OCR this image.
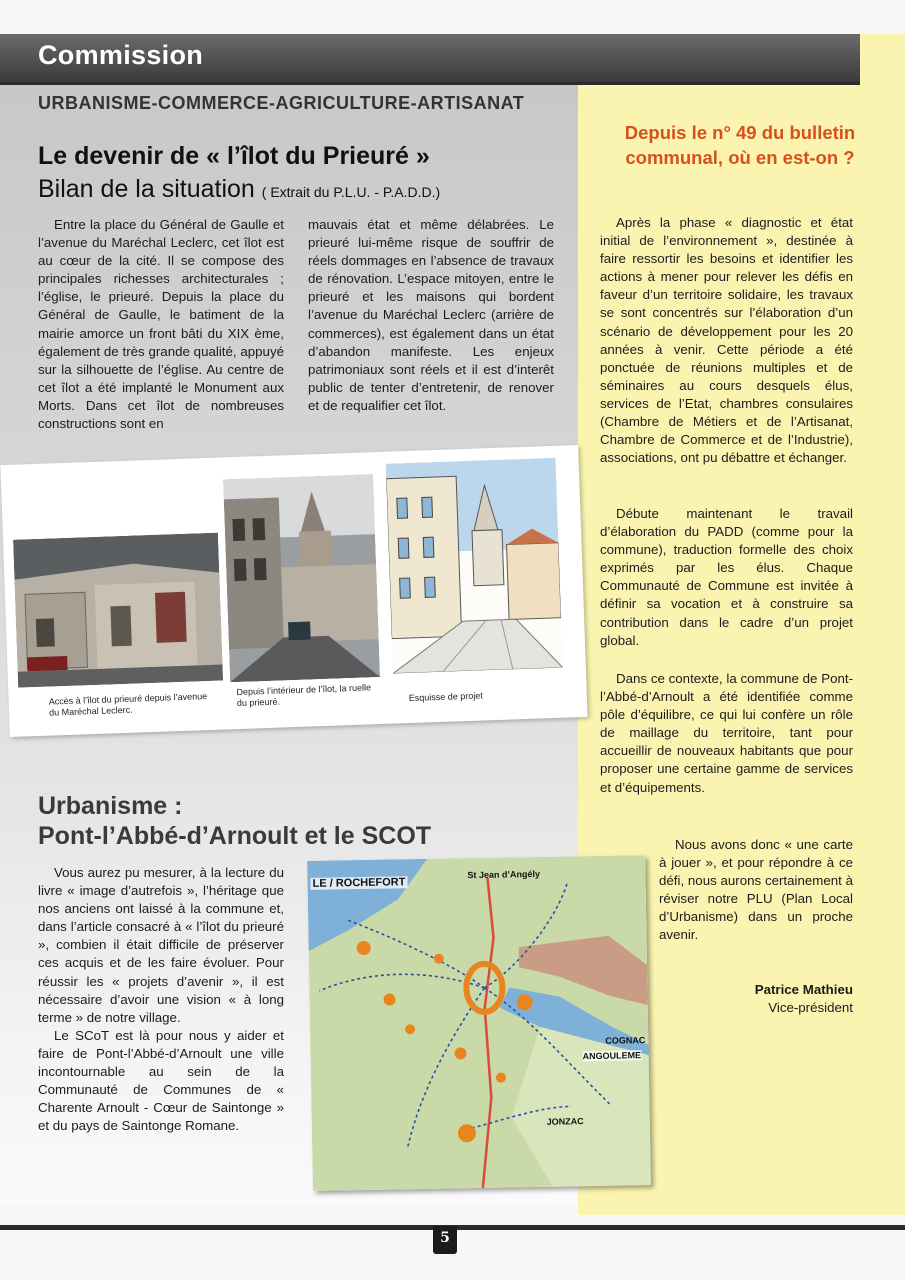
Commission
URBANISME-COMMERCE-AGRICULTURE-ARTISANAT
Le devenir de « l’îlot du Prieuré »
Bilan de la situation ( Extrait du P.L.U. - P.A.D.D.)
Entre la place du Général de Gaulle et l’avenue du Maréchal Leclerc, cet îlot est au cœur de la cité. Il se compose des principales richesses architecturales ; l’église, le prieuré. Depuis la place du Général de Gaulle, le batiment de la mairie amorce un front bâti du XIX ème, également de très grande qualité, appuyé sur la silhouette de l’église. Au centre de cet îlot a été implanté le Monument aux Morts. Dans cet îlot de nombreuses constructions sont en
mauvais état et même délabrées. Le prieuré lui-même risque de souffrir de réels dommages en l’absence de travaux de rénovation. L’espace mitoyen, entre le prieuré et les maisons qui bordent l’avenue du Maréchal Leclerc (arrière de commerces), est également dans un état d’abandon manifeste. Les enjeux patrimoniaux sont réels et il est d’interêt public de tenter d’entretenir, de renover et de requalifier cet îlot.
Accès à l’îlot du prieuré depuis l’avenue du Maréchal Leclerc.
Depuis l’intérieur de l’îlot, la ruelle du prieuré.	Esquisse de projet
Urbanisme :
Pont-l’Abbé-d’Arnoult et le SCOT
Vous aurez pu mesurer, à la lecture du livre « image d’autrefois », l’héritage que nos anciens ont laissé à la commune et, dans l’article consacré à « l’îlot du prieuré », combien il était difficile de préserver ces acquis et de les faire évoluer. Pour réussir les « projets d’avenir », il est nécessaire d’avoir une vision « à long terme » de notre village.
Le SCoT est là pour nous y aider et faire de Pont-l’Abbé-d’Arnoult une ville incontournable au sein de la Communauté de Communes de « Charente Arnoult - Cœur de Saintonge » et du pays de Saintonge Romane.
LE / ROCHEFORT
St Jean d’Angély
COGNAC
ANGOULEME
JONZAC
Depuis le n° 49 du bulletin communal, où en est-on ?
Après la phase « diagnostic et état initial de l’environnement », destinée à faire ressortir les besoins et identifier les actions à mener pour relever les défis en faveur d’un territoire solidaire, les travaux se sont concentrés sur l’élaboration d’un scénario de développement pour les 20 années à venir. Cette période a été ponctuée de réunions multiples et de séminaires au cours desquels élus, services de l’Etat, chambres consulaires (Chambre de Métiers et de l’Artisanat, Chambre de Commerce et de l’Industrie), associations, ont pu débattre et échanger.
Débute maintenant le travail d’élaboration du PADD (comme pour la commune), traduction formelle des choix exprimés par les élus. Chaque Communauté de Commune est invitée à définir sa vocation et à construire sa contribution dans le cadre d’un projet global.
Dans ce contexte, la commune de Pont-l’Abbé-d’Arnoult a été identifiée comme pôle d’équilibre, ce qui lui confère un rôle de maillage du territoire, tant pour accueillir de nouveaux habitants que pour proposer une certaine gamme de services et d’équipements.
Nous avons donc « une carte à jouer », et pour répondre à ce défi, nous aurons certainement à réviser notre PLU (Plan Local d’Urbanisme) dans un proche avenir.
Patrice Mathieu
Vice-président
5
